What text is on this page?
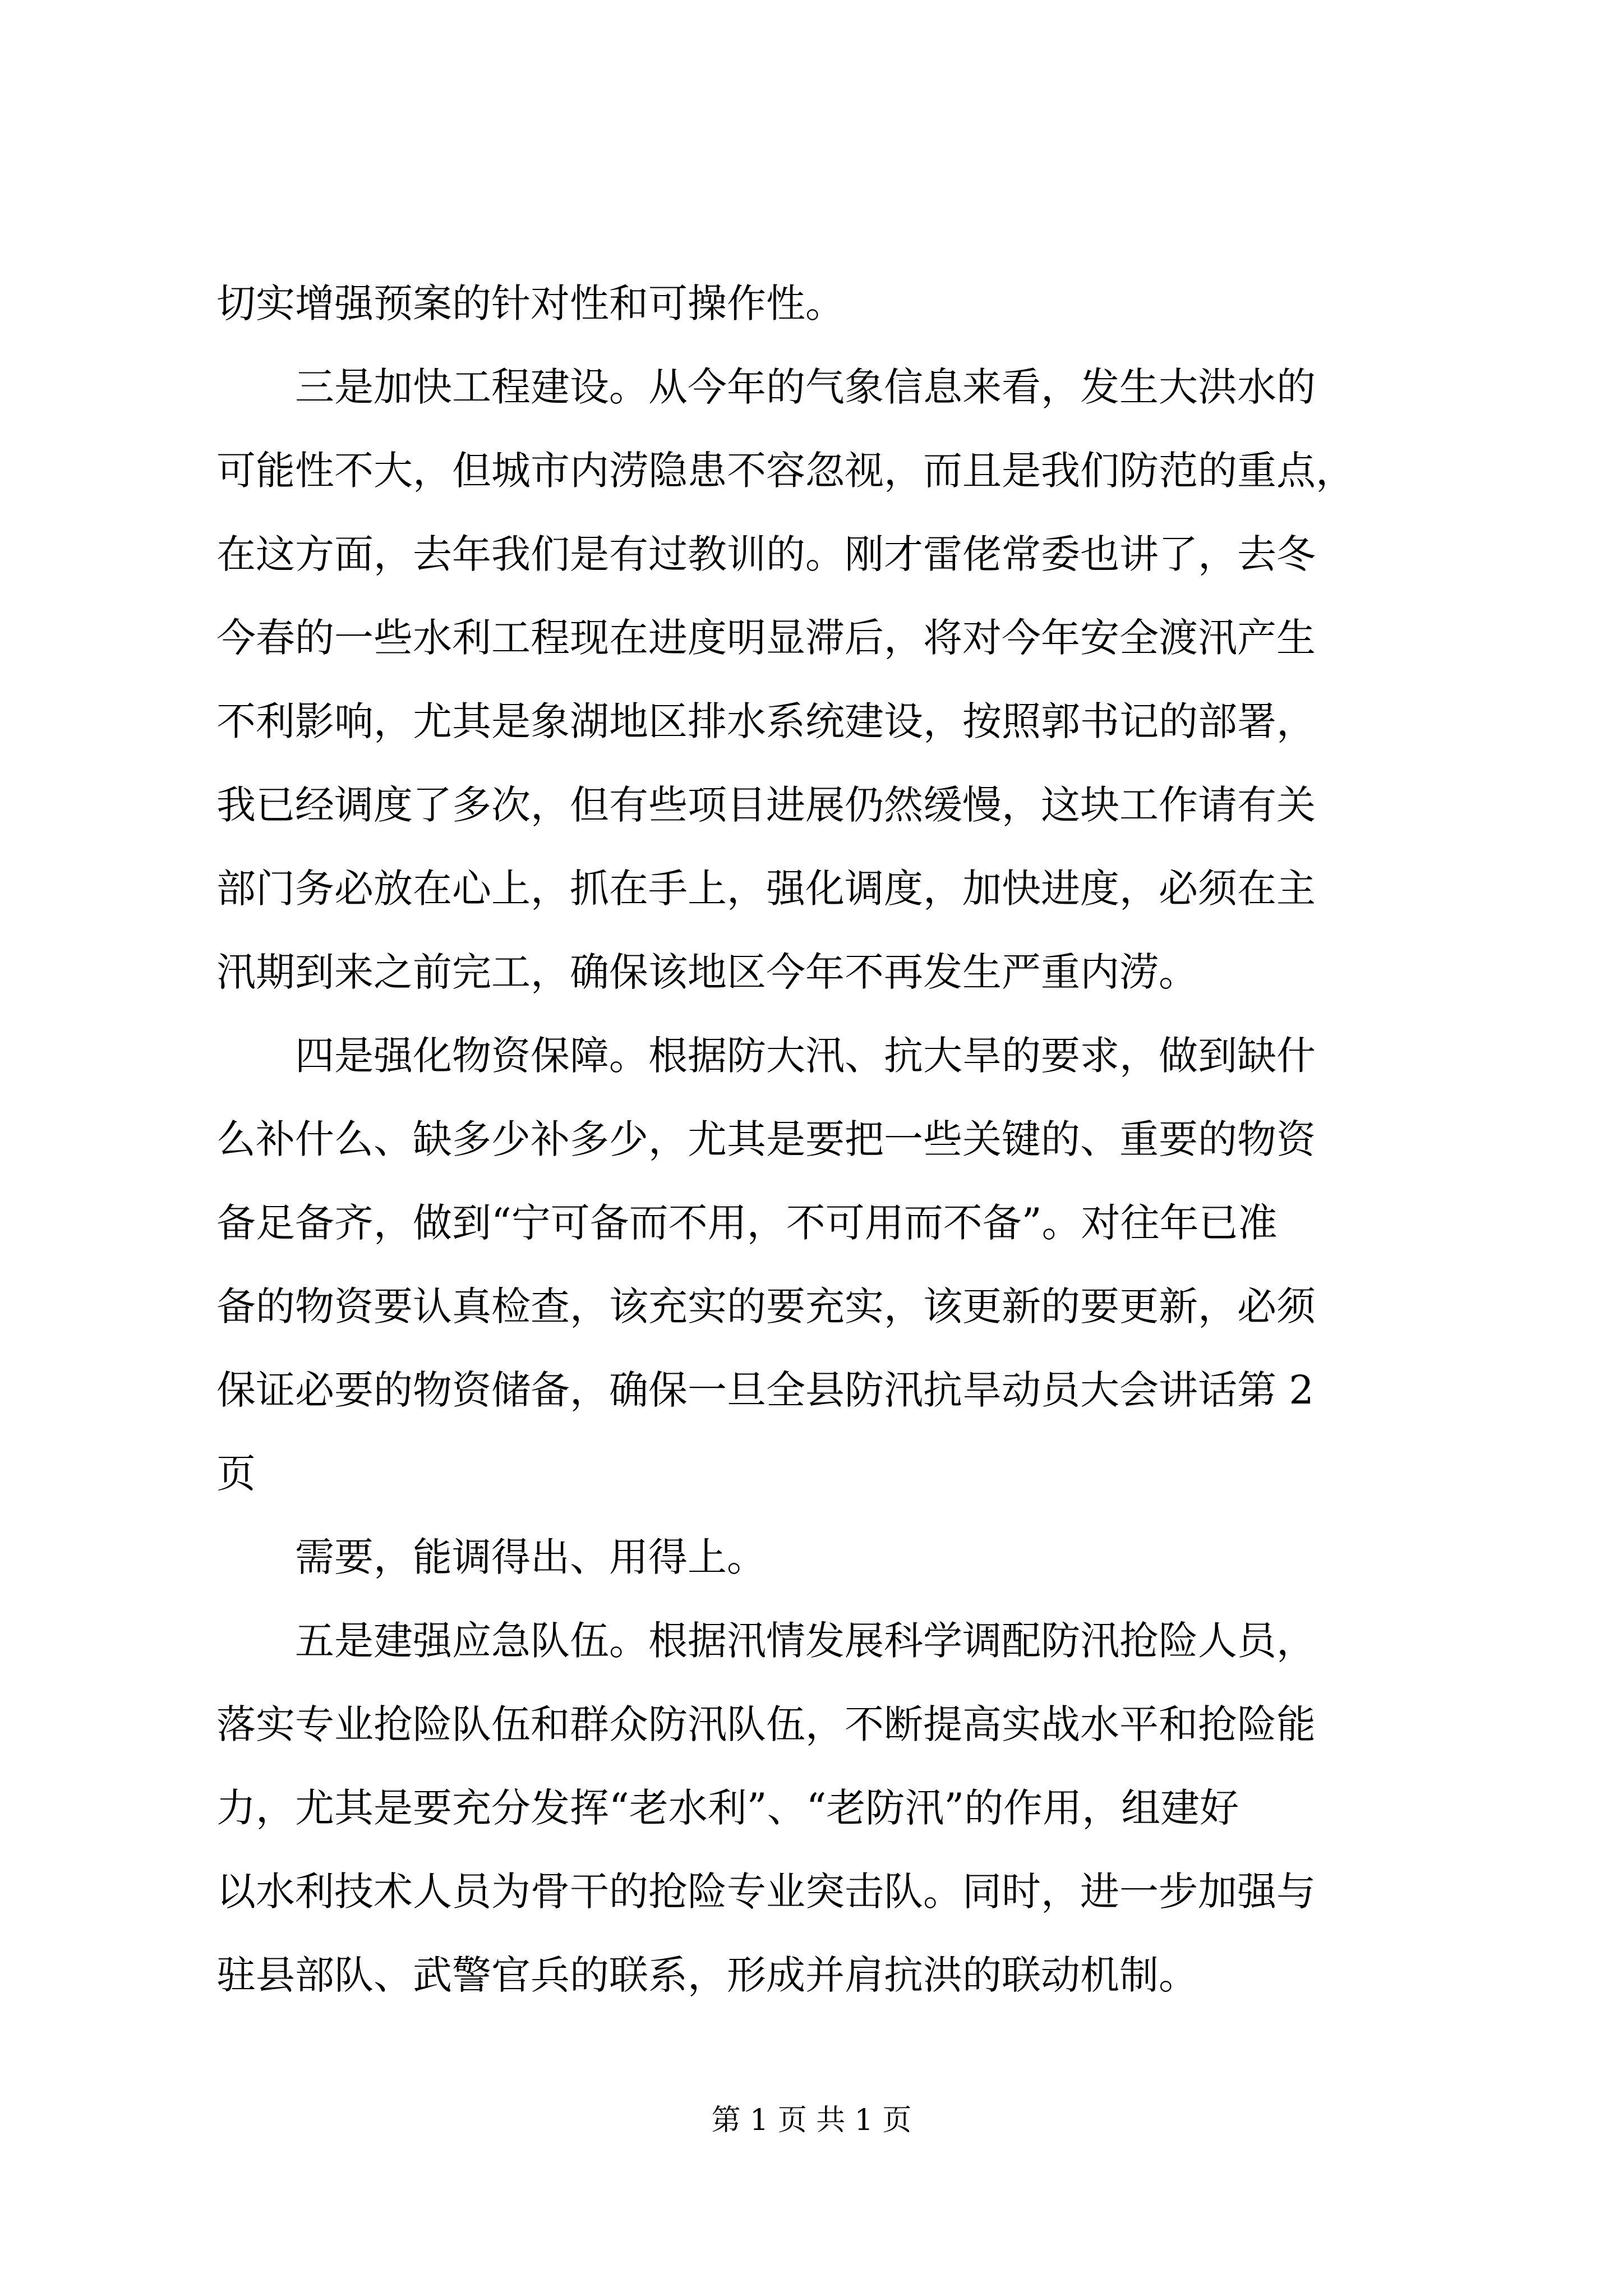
切实增强预案的针对性和可操作性。
　　三是加快工程建设。从今年的气象信息来看，发生大洪水的
可能性不大，但城市内涝隐患不容忽视，而且是我们防范的重点，
在这方面，去年我们是有过教训的。刚才雷佬常委也讲了，去冬
今春的一些水利工程现在进度明显滞后，将对今年安全渡汛产生
不利影响，尤其是象湖地区排水系统建设，按照郭书记的部署，
我已经调度了多次，但有些项目进展仍然缓慢，这块工作请有关
部门务必放在心上，抓在手上，强化调度，加快进度，必须在主
汛期到来之前完工，确保该地区今年不再发生严重内涝。
　　四是强化物资保障。根据防大汛、抗大旱的要求，做到缺什
么补什么、缺多少补多少，尤其是要把一些关键的、重要的物资
备足备齐，做到“宁可备而不用，不可用而不备”。对往年已准
备的物资要认真检查，该充实的要充实，该更新的要更新，必须
保证必要的物资储备，确保一旦全县防汛抗旱动员大会讲话第 2
页
　　需要，能调得出、用得上。
　　五是建强应急队伍。根据汛情发展科学调配防汛抢险人员，
落实专业抢险队伍和群众防汛队伍，不断提高实战水平和抢险能
力，尤其是要充分发挥“老水利”、“老防汛”的作用，组建好
以水利技术人员为骨干的抢险专业突击队。同时，进一步加强与
驻县部队、武警官兵的联系，形成并肩抗洪的联动机制。
第 1 页 共 1 页
